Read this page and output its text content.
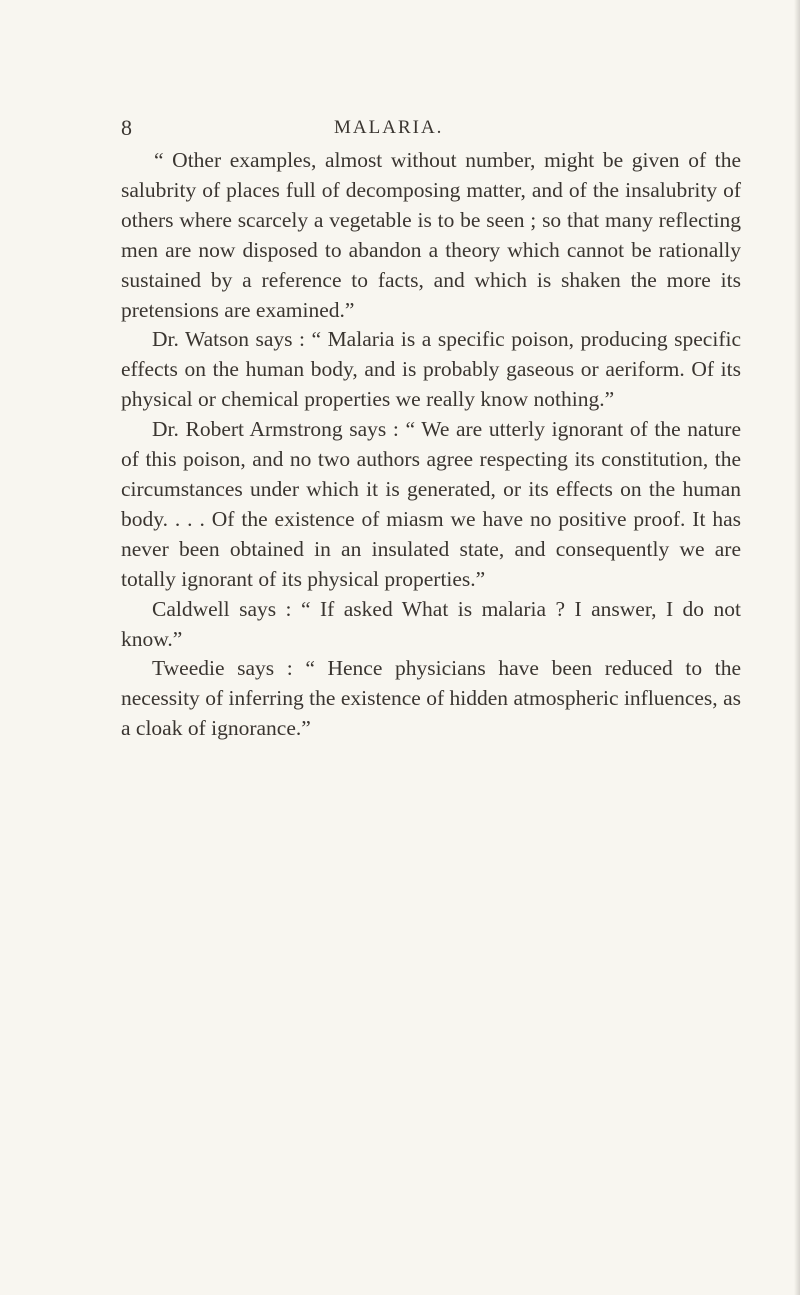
8	MALARIA.

“ Other examples, almost without number, might be given of the salubrity of places full of decomposing matter, and of the insalubrity of others where scarcely a vegetable is to be seen ; so that many reflecting men are now disposed to abandon a theory which cannot be rationally sustained by a reference to facts, and which is shaken the more its pretensions are examined.”

Dr. Watson says : “ Malaria is a specific poison, producing specific effects on the human body, and is probably gaseous or aeriform. Of its physical or chemical properties we really know nothing.”

Dr. Robert Armstrong says : “ We are utterly ignorant of the nature of this poison, and no two authors agree respecting its constitution, the circumstances under which it is generated, or its effects on the human body. . . . Of the existence of miasm we have no positive proof. It has never been obtained in an insulated state, and consequently we are totally ignorant of its physical properties.”

Caldwell says : “ If asked What is malaria ? I answer, I do not know.”

Tweedie says : “ Hence physicians have been reduced to the necessity of inferring the existence of hidden atmospheric influences, as a cloak of ignorance.”
